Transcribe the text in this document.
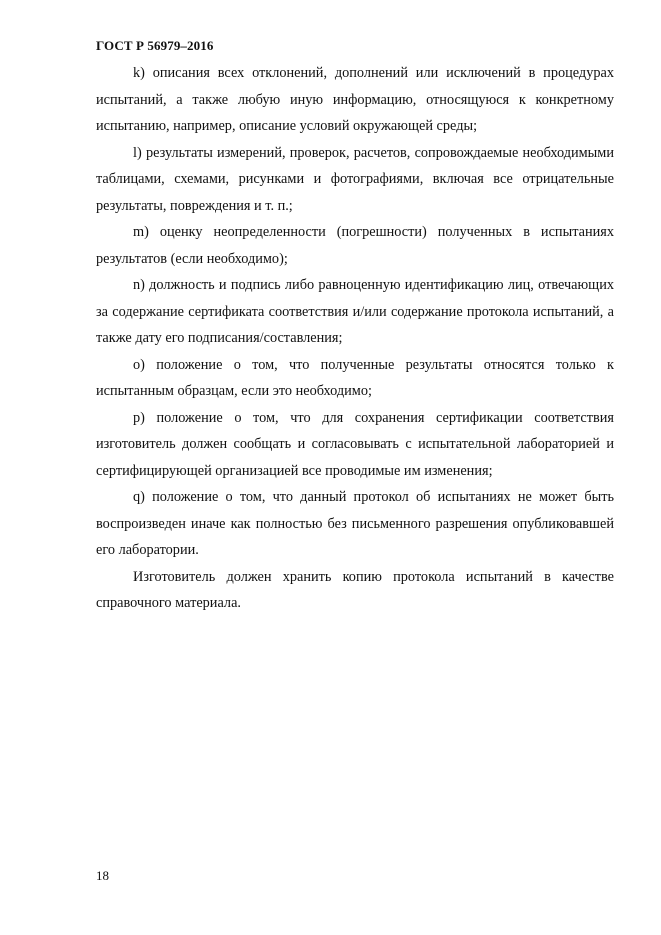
ГОСТ Р 56979–2016

k) описания всех отклонений, дополнений или исключений в процедурах испытаний, а также любую иную информацию, относящуюся к конкретному испытанию, например, описание условий окружающей среды;

l) результаты измерений, проверок, расчетов, сопровождаемые необходимыми таблицами, схемами, рисунками и фотографиями, включая все отрицательные результаты, повреждения и т. п.;

m) оценку неопределенности (погрешности) полученных в испытаниях результатов (если необходимо);

n) должность и подпись либо равноценную идентификацию лиц, отвечающих за содержание сертификата соответствия и/или содержание протокола испытаний, а также дату его подписания/составления;

o) положение о том, что полученные результаты относятся только к испытанным образцам, если это необходимо;

p) положение о том, что для сохранения сертификации соответствия изготовитель должен сообщать и согласовывать с испытательной лабораторией и сертифицирующей организацией все проводимые им изменения;

q) положение о том, что данный протокол об испытаниях не может быть воспроизведен иначе как полностью без письменного разрешения опубликовавшей его лаборатории.

Изготовитель должен хранить копию протокола испытаний в качестве справочного материала.

18
